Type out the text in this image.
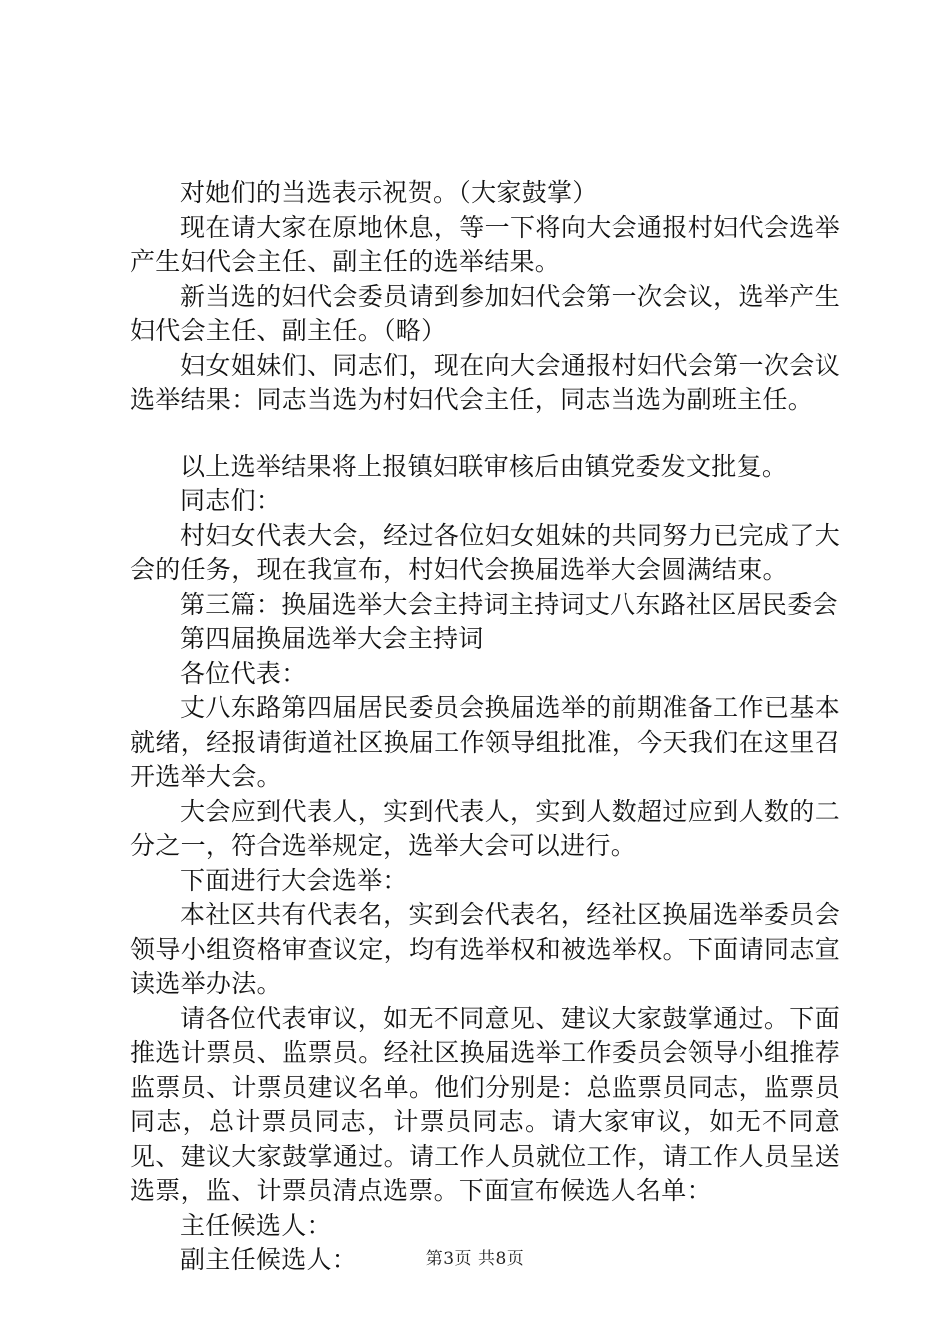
对她们的当选表示祝贺。（大家鼓掌）

现在请大家在原地休息，等一下将向大会通报村妇代会选举产生妇代会主任、副主任的选举结果。

新当选的妇代会委员请到参加妇代会第一次会议，选举产生妇代会主任、副主任。（略）

妇女姐妹们、同志们，现在向大会通报村妇代会第一次会议选举结果：同志当选为村妇代会主任，同志当选为副班主任。

以上选举结果将上报镇妇联审核后由镇党委发文批复。

同志们：

村妇女代表大会，经过各位妇女姐妹的共同努力已完成了大会的任务，现在我宣布，村妇代会换届选举大会圆满结束。

第三篇：换届选举大会主持词主持词丈八东路社区居民委会

第四届换届选举大会主持词

各位代表：

丈八东路第四届居民委员会换届选举的前期准备工作已基本就绪，经报请街道社区换届工作领导组批准，今天我们在这里召开选举大会。

大会应到代表人，实到代表人，实到人数超过应到人数的二分之一，符合选举规定，选举大会可以进行。

下面进行大会选举：

本社区共有代表名，实到会代表名，经社区换届选举委员会领导小组资格审查议定，均有选举权和被选举权。下面请同志宣读选举办法。

请各位代表审议，如无不同意见、建议大家鼓掌通过。下面推选计票员、监票员。经社区换届选举工作委员会领导小组推荐监票员、计票员建议名单。他们分别是：总监票员同志，监票员同志，总计票员同志，计票员同志。请大家审议，如无不同意见、建议大家鼓掌通过。请工作人员就位工作，请工作人员呈送选票，监、计票员清点选票。下面宣布候选人名单：

主任候选人：

副主任候选人：	第3页 共8页
